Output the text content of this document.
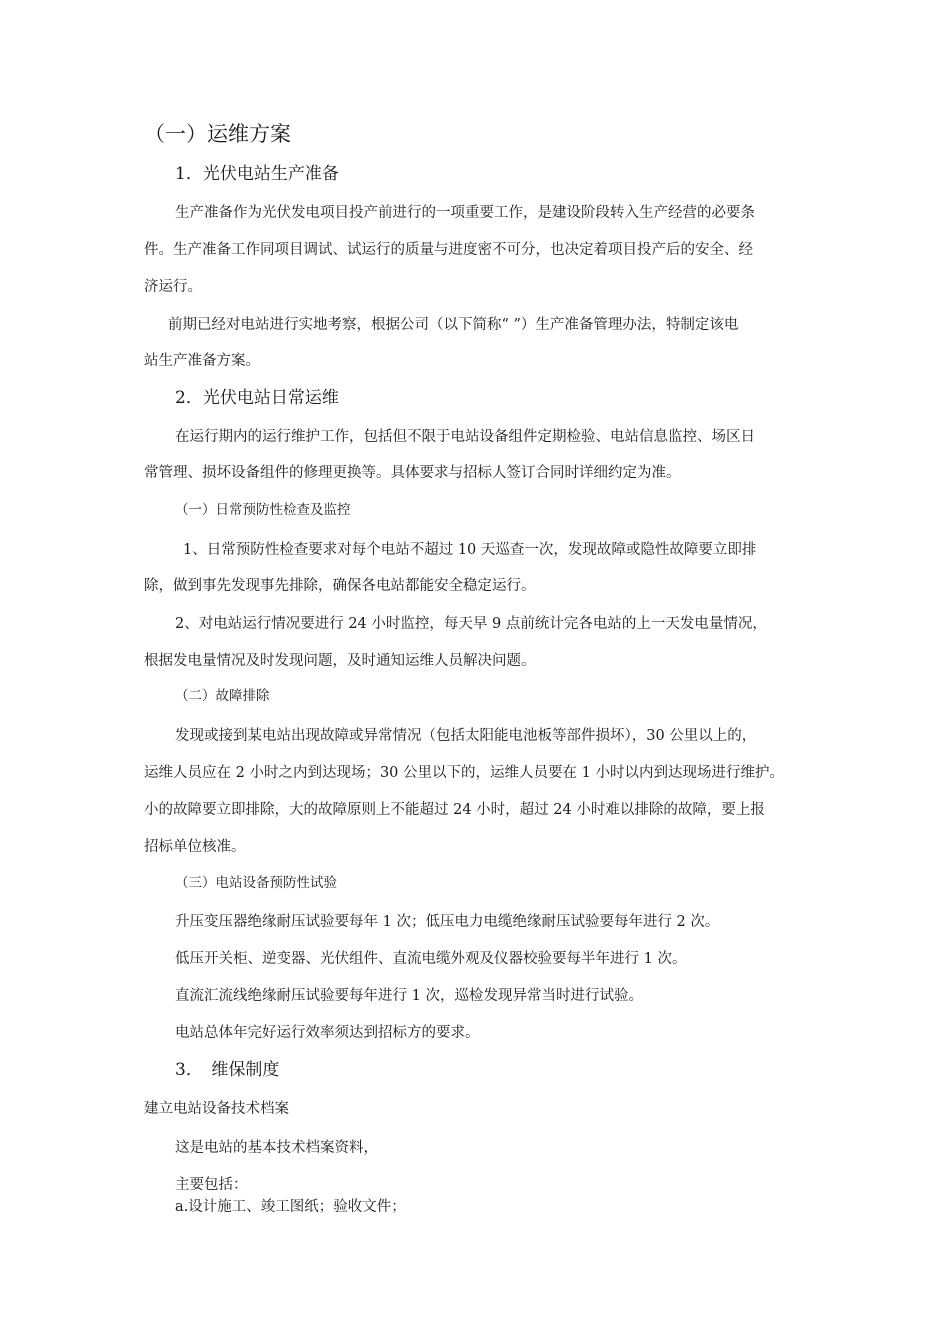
（一）运维方案
1．光伏电站生产准备
生产准备作为光伏发电项目投产前进行的一项重要工作，是建设阶段转入生产经营的必要条
件。生产准备工作同项目调试、试运行的质量与进度密不可分，也决定着项目投产后的安全、经
济运行。
前期已经对电站进行实地考察，根据公司（以下简称“ ”）生产准备管理办法，特制定该电
站生产准备方案。
2．光伏电站日常运维
在运行期内的运行维护工作，包括但不限于电站设备组件定期检验、电站信息监控、场区日
常管理、损坏设备组件的修理更换等。具体要求与招标人签订合同时详细约定为准。
（一）日常预防性检查及监控
1、日常预防性检查要求对每个电站不超过 10 天巡查一次，发现故障或隐性故障要立即排
除，做到事先发现事先排除，确保各电站都能安全稳定运行。
2、对电站运行情况要进行 24 小时监控，每天早 9 点前统计完各电站的上一天发电量情况，
根据发电量情况及时发现问题，及时通知运维人员解决问题。
（二）故障排除
发现或接到某电站出现故障或异常情况（包括太阳能电池板等部件损坏），30 公里以上的，
运维人员应在 2 小时之内到达现场；30 公里以下的，运维人员要在 1 小时以内到达现场进行维护。
小的故障要立即排除，大的故障原则上不能超过 24 小时，超过 24 小时难以排除的故障，要上报
招标单位核准。
（三）电站设备预防性试验
升压变压器绝缘耐压试验要每年 1 次；低压电力电缆绝缘耐压试验要每年进行 2 次。
低压开关柜、逆变器、光伏组件、直流电缆外观及仪器校验要每半年进行 1 次。
直流汇流线绝缘耐压试验要每年进行 1 次，巡检发现异常当时进行试验。
电站总体年完好运行效率须达到招标方的要求。
3．　维保制度
建立电站设备技术档案
这是电站的基本技术档案资料，
主要包括：
a.设计施工、竣工图纸；验收文件；
